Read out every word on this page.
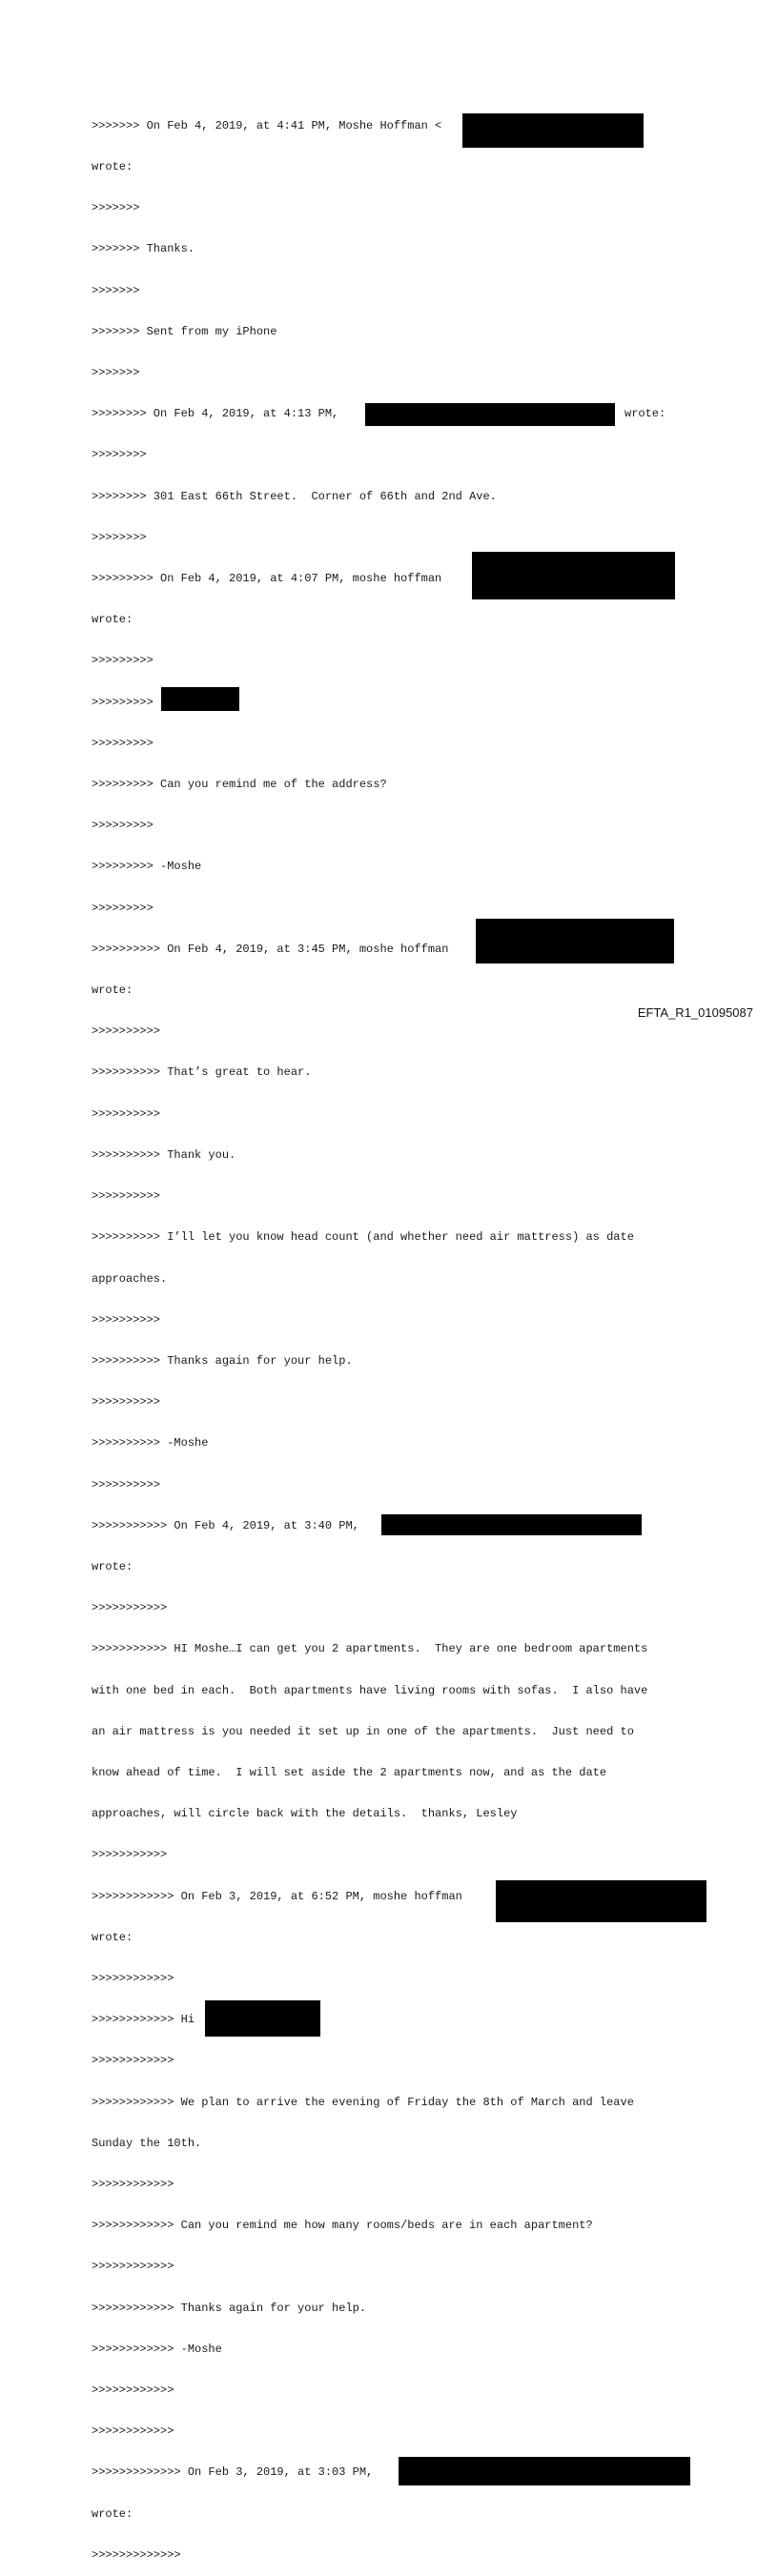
>>>>>>> On Feb 4, 2019, at 4:41 PM, Moshe Hoffman <

wrote:

>>>>>>>

>>>>>>> Thanks.

>>>>>>>

>>>>>>> Sent from my iPhone

>>>>>>>

>>>>>>>> On Feb 4, 2019, at 4:13 PM,	wrote:

>>>>>>>>

>>>>>>>> 301 East 66th Street.  Corner of 66th and 2nd Ave.

>>>>>>>>

>>>>>>>>> On Feb 4, 2019, at 4:07 PM, moshe hoffman

wrote:

>>>>>>>>>

>>>>>>>>>

>>>>>>>>>

>>>>>>>>> Can you remind me of the address?

>>>>>>>>>

>>>>>>>>> -Moshe

>>>>>>>>>

>>>>>>>>>> On Feb 4, 2019, at 3:45 PM, moshe hoffman

wrote:

>>>>>>>>>>

>>>>>>>>>> That’s great to hear.

>>>>>>>>>>

>>>>>>>>>> Thank you.

>>>>>>>>>>

>>>>>>>>>> I’ll let you know head count (and whether need air mattress) as date

approaches.

>>>>>>>>>>

>>>>>>>>>> Thanks again for your help.

>>>>>>>>>>

>>>>>>>>>> -Moshe

>>>>>>>>>>

>>>>>>>>>>> On Feb 4, 2019, at 3:40 PM,

wrote:

>>>>>>>>>>>

>>>>>>>>>>> HI Moshe…I can get you 2 apartments.  They are one bedroom apartments

with one bed in each.  Both apartments have living rooms with sofas.  I also have

an air mattress is you needed it set up in one of the apartments.  Just need to

know ahead of time.  I will set aside the 2 apartments now, and as the date

approaches, will circle back with the details.  thanks, Lesley

>>>>>>>>>>>

>>>>>>>>>>>> On Feb 3, 2019, at 6:52 PM, moshe hoffman

wrote:

>>>>>>>>>>>>

>>>>>>>>>>>> Hi

>>>>>>>>>>>>

>>>>>>>>>>>> We plan to arrive the evening of Friday the 8th of March and leave

Sunday the 10th.

>>>>>>>>>>>>

>>>>>>>>>>>> Can you remind me how many rooms/beds are in each apartment?

>>>>>>>>>>>>

>>>>>>>>>>>> Thanks again for your help.

>>>>>>>>>>>> -Moshe

>>>>>>>>>>>>

>>>>>>>>>>>>

>>>>>>>>>>>>> On Feb 3, 2019, at 3:03 PM,

wrote:

>>>>>>>>>>>>>

EFTA_R1_01095087
